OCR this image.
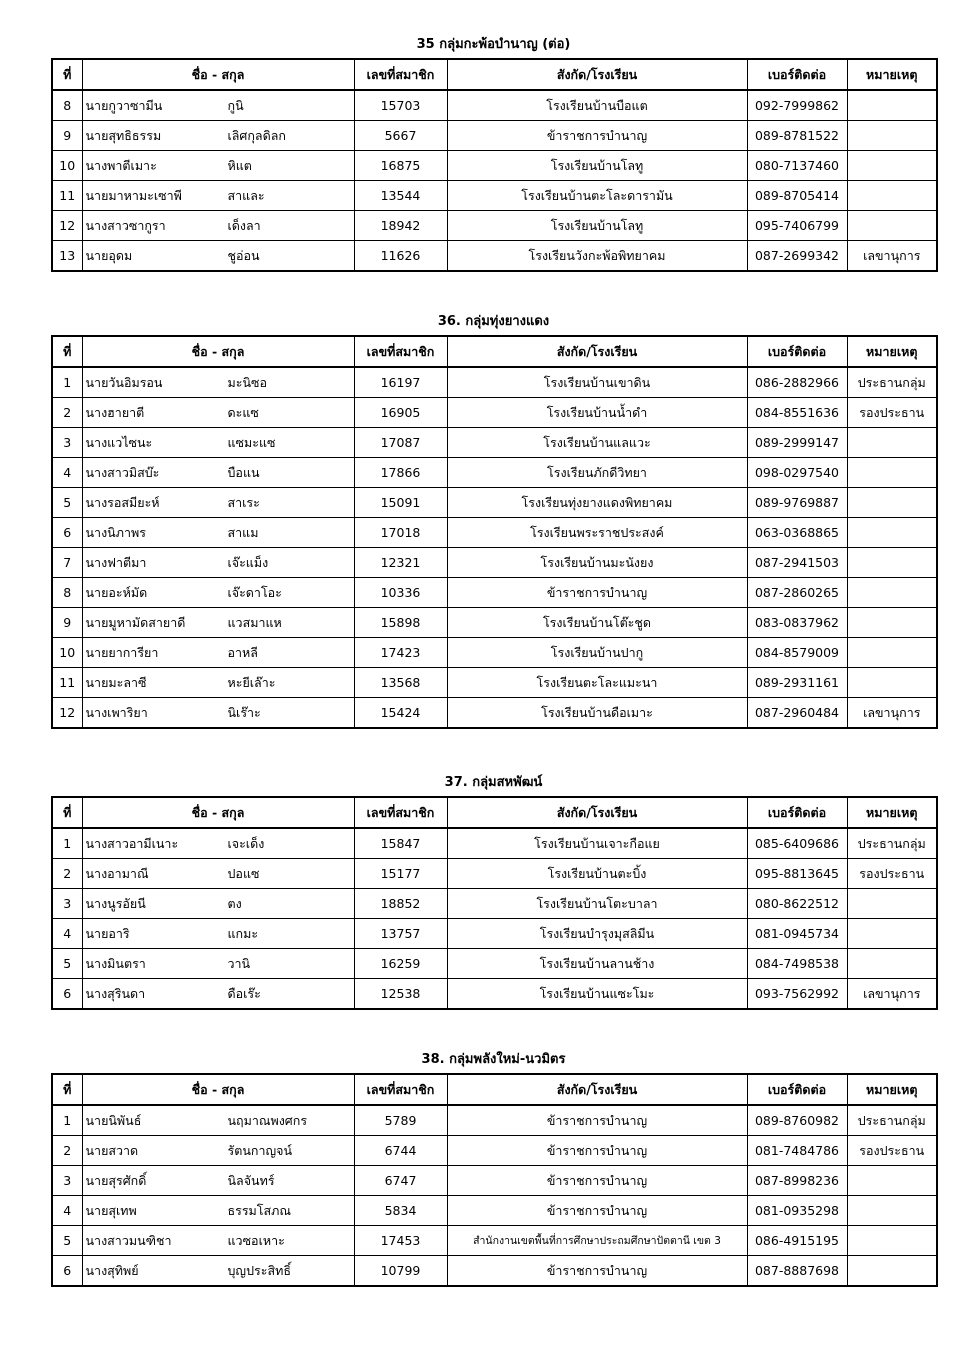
35 กลุ่มกะพ้อบำนาญ (ต่อ)
ที่	ชื่อ - สกุล	เลขที่สมาชิก	สังกัด/โรงเรียน	เบอร์ติดต่อ	หมายเหตุ
8	นายกูวาซามีน กูนิ	15703	โรงเรียนบ้านบือแต	092-7999862	
9	นายสุทธิธรรม เลิศกุลดิลก	5667	ข้าราชการบำนาญ	089-8781522	
10	นางพาตีเมาะ หิแต	16875	โรงเรียนบ้านโลทู	080-7137460	
11	นายมาหามะเซาพี สาและ	13544	โรงเรียนบ้านตะโละดารามัน	089-8705414	
12	นางสาวซากูรา เด็งลา	18942	โรงเรียนบ้านโลทู	095-7406799	
13	นายอุดม ชูอ่อน	11626	โรงเรียนวังกะพ้อพิทยาคม	087-2699342	เลขานุการ
36. กลุ่มทุ่งยางแดง
ที่	ชื่อ - สกุล	เลขที่สมาชิก	สังกัด/โรงเรียน	เบอร์ติดต่อ	หมายเหตุ
1	นายวันอิมรอน มะนิซอ	16197	โรงเรียนบ้านเขาดิน	086-2882966	ประธานกลุ่ม
2	นางฮายาตี ดะแซ	16905	โรงเรียนบ้านน้ำดำ	084-8551636	รองประธาน
3	นางแวไซนะ แซมะแซ	17087	โรงเรียนบ้านแลแวะ	089-2999147	
4	นางสาวมิสบ๊ะ บือแน	17866	โรงเรียนภักดีวิทยา	098-0297540	
5	นางรอสมียะห์ สาเระ	15091	โรงเรียนทุ่งยางแดงพิทยาคม	089-9769887	
6	นางนิภาพร สาแม	17018	โรงเรียนพระราชประสงค์	063-0368865	
7	นางฟาตีมา เจ๊ะแม็ง	12321	โรงเรียนบ้านมะนังยง	087-2941503	
8	นายอะห์มัด เจ๊ะดาโอะ	10336	ข้าราชการบำนาญ	087-2860265	
9	นายมูหามัดสายาดี แวสมาแห	15898	โรงเรียนบ้านโต๊ะชูด	083-0837962	
10	นายยาการียา อาหลี	17423	โรงเรียนบ้านปากู	084-8579009	
11	นายมะลาซี หะยีเล๊าะ	13568	โรงเรียนตะโละแมะนา	089-2931161	
12	นางเพาริยา นิเร๊าะ	15424	โรงเรียนบ้านดือเมาะ	087-2960484	เลขานุการ
37. กลุ่มสหพัฒน์
ที่	ชื่อ - สกุล	เลขที่สมาชิก	สังกัด/โรงเรียน	เบอร์ติดต่อ	หมายเหตุ
1	นางสาวอามีเนาะ เจะเด็ง	15847	โรงเรียนบ้านเจาะกือแย	085-6409686	ประธานกลุ่ม
2	นางอามาณี ปอแซ	15177	โรงเรียนบ้านตะบิ้ง	095-8813645	รองประธาน
3	นางนูรอัยนี ตง	18852	โรงเรียนบ้านโตะบาลา	080-8622512	
4	นายอาริ แกมะ	13757	โรงเรียนบำรุงมุสลิมีน	081-0945734	
5	นางมินตรา วานิ	16259	โรงเรียนบ้านลานช้าง	084-7498538	
6	นางสุรินดา ดือเร๊ะ	12538	โรงเรียนบ้านแซะโมะ	093-7562992	เลขานุการ
38. กลุ่มพลังใหม่-นวมิตร
ที่	ชื่อ - สกุล	เลขที่สมาชิก	สังกัด/โรงเรียน	เบอร์ติดต่อ	หมายเหตุ
1	นายนิพันธ์ นฤมาณพงศกร	5789	ข้าราชการบำนาญ	089-8760982	ประธานกลุ่ม
2	นายสวาด รัตนกาญจน์	6744	ข้าราชการบำนาญ	081-7484786	รองประธาน
3	นายสุรศักดิ์ นิลจันทร์	6747	ข้าราชการบำนาญ	087-8998236	
4	นายสุเทพ ธรรมโสภณ	5834	ข้าราชการบำนาญ	081-0935298	
5	นางสาวมนฑิชา แวซอเหาะ	17453	สำนักงานเขตพื้นที่การศึกษาประถมศึกษาปัตตานี เขต 3	086-4915195	
6	นางสุทิพย์ บุญประสิทธิ์	10799	ข้าราชการบำนาญ	087-8887698	
